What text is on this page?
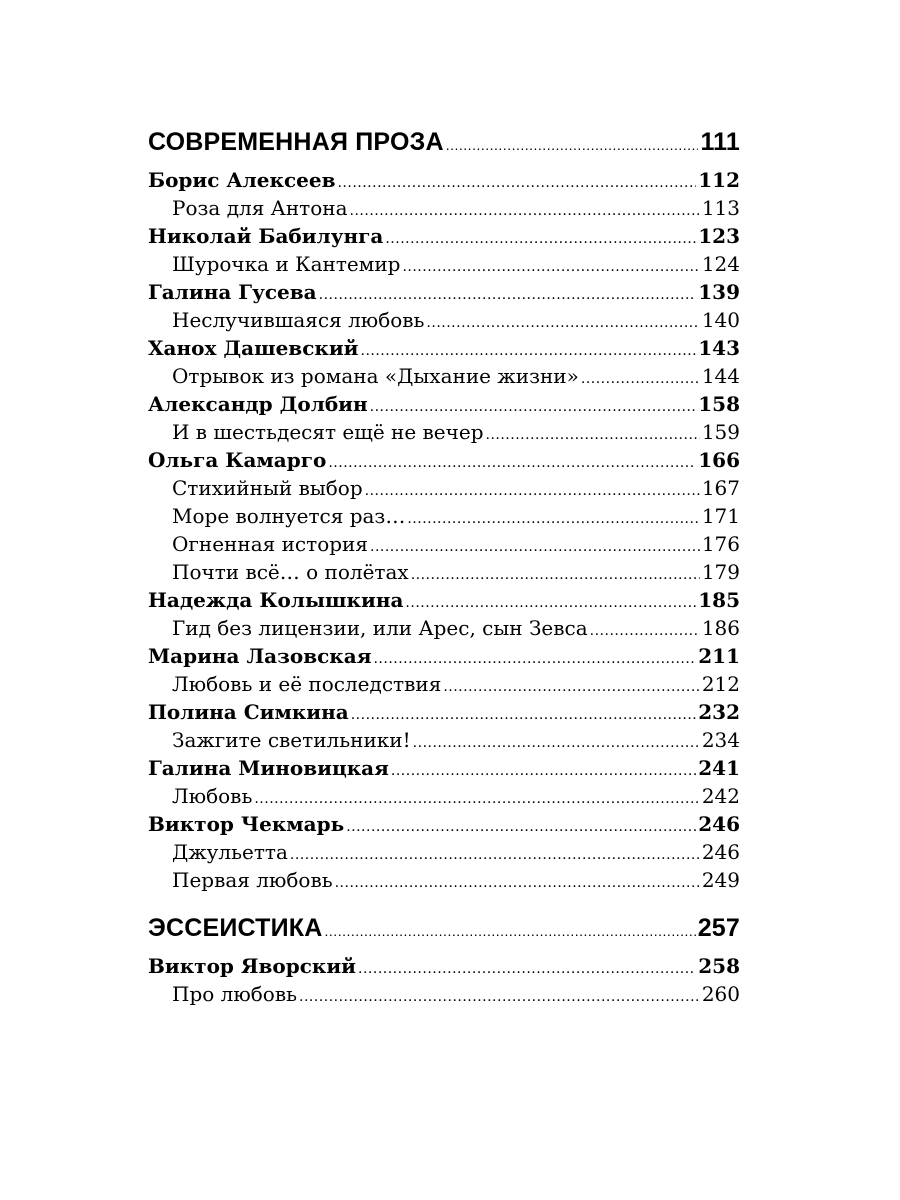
СОВРЕМЕННАЯ ПРОЗА .....	111
Борис Алексеев .....	112
Роза для Антона .....	113
Николай Бабилунга .....	123
Шурочка и Кантемир .....	124
Галина Гусева .....	139
Неслучившаяся любовь .....	140
Ханох Дашевский .....	143
Отрывок из романа «Дыхание жизни» .....	144
Александр Долбин .....	158
И в шестьдесят ещё не вечер .....	159
Ольга Камарго .....	166
Стихийный выбор .....	167
Море волнуется раз… .....	171
Огненная история .....	176
Почти всё… о полётах .....	179
Надежда Колышкина .....	185
Гид без лицензии, или Арес, сын Зевса .....	186
Марина Лазовская .....	211
Любовь и её последствия .....	212
Полина Симкина .....	232
Зажгите светильники! .....	234
Галина Миновицкая .....	241
Любовь .....	242
Виктор Чекмарь .....	246
Джульетта .....	246
Первая любовь .....	249
ЭССЕИСТИКА .....	257
Виктор Яворский .....	258
Про любовь .....	260
